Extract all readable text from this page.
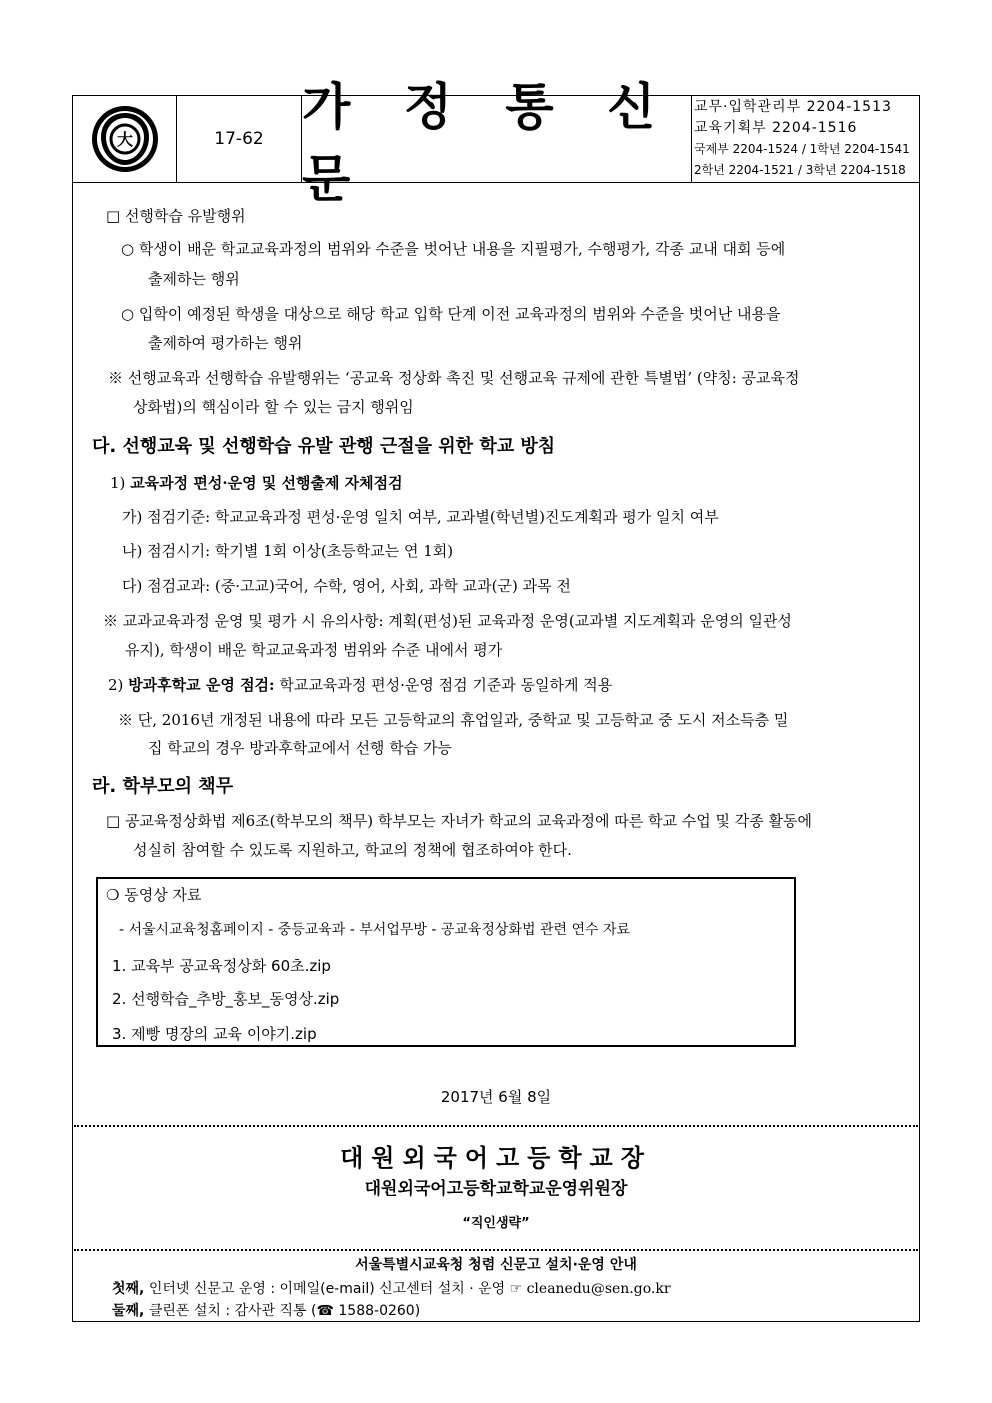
大	17-62
가 정 통 신 문
교무·입학관리부 2204-1513
교육기획부 2204-1516
국제부 2204-1524 / 1학년 2204-1541
2학년 2204-1521 / 3학년 2204-1518
□ 선행학습 유발행위
○ 학생이 배운 학교교육과정의 범위와 수준을 벗어난 내용을 지필평가, 수행평가, 각종 교내 대회 등에
출제하는 행위
○ 입학이 예정된 학생을 대상으로 해당 학교 입학 단계 이전 교육과정의 범위와 수준을 벗어난 내용을
출제하여 평가하는 행위
※ 선행교육과 선행학습 유발행위는 ‘공교육 정상화 촉진 및 선행교육 규제에 관한 특별법’ (약칭: 공교육정
상화법)의 핵심이라 할 수 있는 금지 행위임
다. 선행교육 및 선행학습 유발 관행 근절을 위한 학교 방침
1) 교육과정 편성·운영 및 선행출제 자체점검
가) 점검기준: 학교교육과정 편성·운영 일치 여부, 교과별(학년별)진도계획과 평가 일치 여부
나) 점검시기: 학기별 1회 이상(초등학교는 연 1회)
다) 점검교과: (중·고교)국어, 수학, 영어, 사회, 과학 교과(군) 과목 전
※ 교과교육과정 운영 및 평가 시 유의사항: 계획(편성)된 교육과정 운영(교과별 지도계획과 운영의 일관성
유지), 학생이 배운 학교교육과정 범위와 수준 내에서 평가
2) 방과후학교 운영 점검: 학교교육과정 편성·운영 점검 기준과 동일하게 적용
※ 단, 2016년 개정된 내용에 따라 모든 고등학교의 휴업일과, 중학교 및 고등학교 중 도시 저소득층 밀
집 학교의 경우 방과후학교에서 선행 학습 가능
라. 학부모의 책무
□ 공교육정상화법 제6조(학부모의 책무) 학부모는 자녀가 학교의 교육과정에 따른 학교 수업 및 각종 활동에
성실히 참여할 수 있도록 지원하고, 학교의 정책에 협조하여야 한다.
❍ 동영상 자료
- 서울시교육청홈페이지 - 중등교육과 - 부서업무방 - 공교육정상화법 관련 연수 자료
1. 교육부 공교육정상화 60초.zip
2. 선행학습_추방_홍보_동영상.zip
3. 제빵 명장의 교육 이야기.zip
2017년 6월 8일
대원외국어고등학교장
대원외국어고등학교학교운영위원장
“직인생략”
서울특별시교육청 청렴 신문고 설치·운영 안내
첫째, 인터넷 신문고 운영 : 이메일(e-mail) 신고센터 설치 · 운영 ☞ cleanedu@sen.go.kr
둘째, 클린폰 설치 : 감사관 직통 (☎ 1588-0260)
